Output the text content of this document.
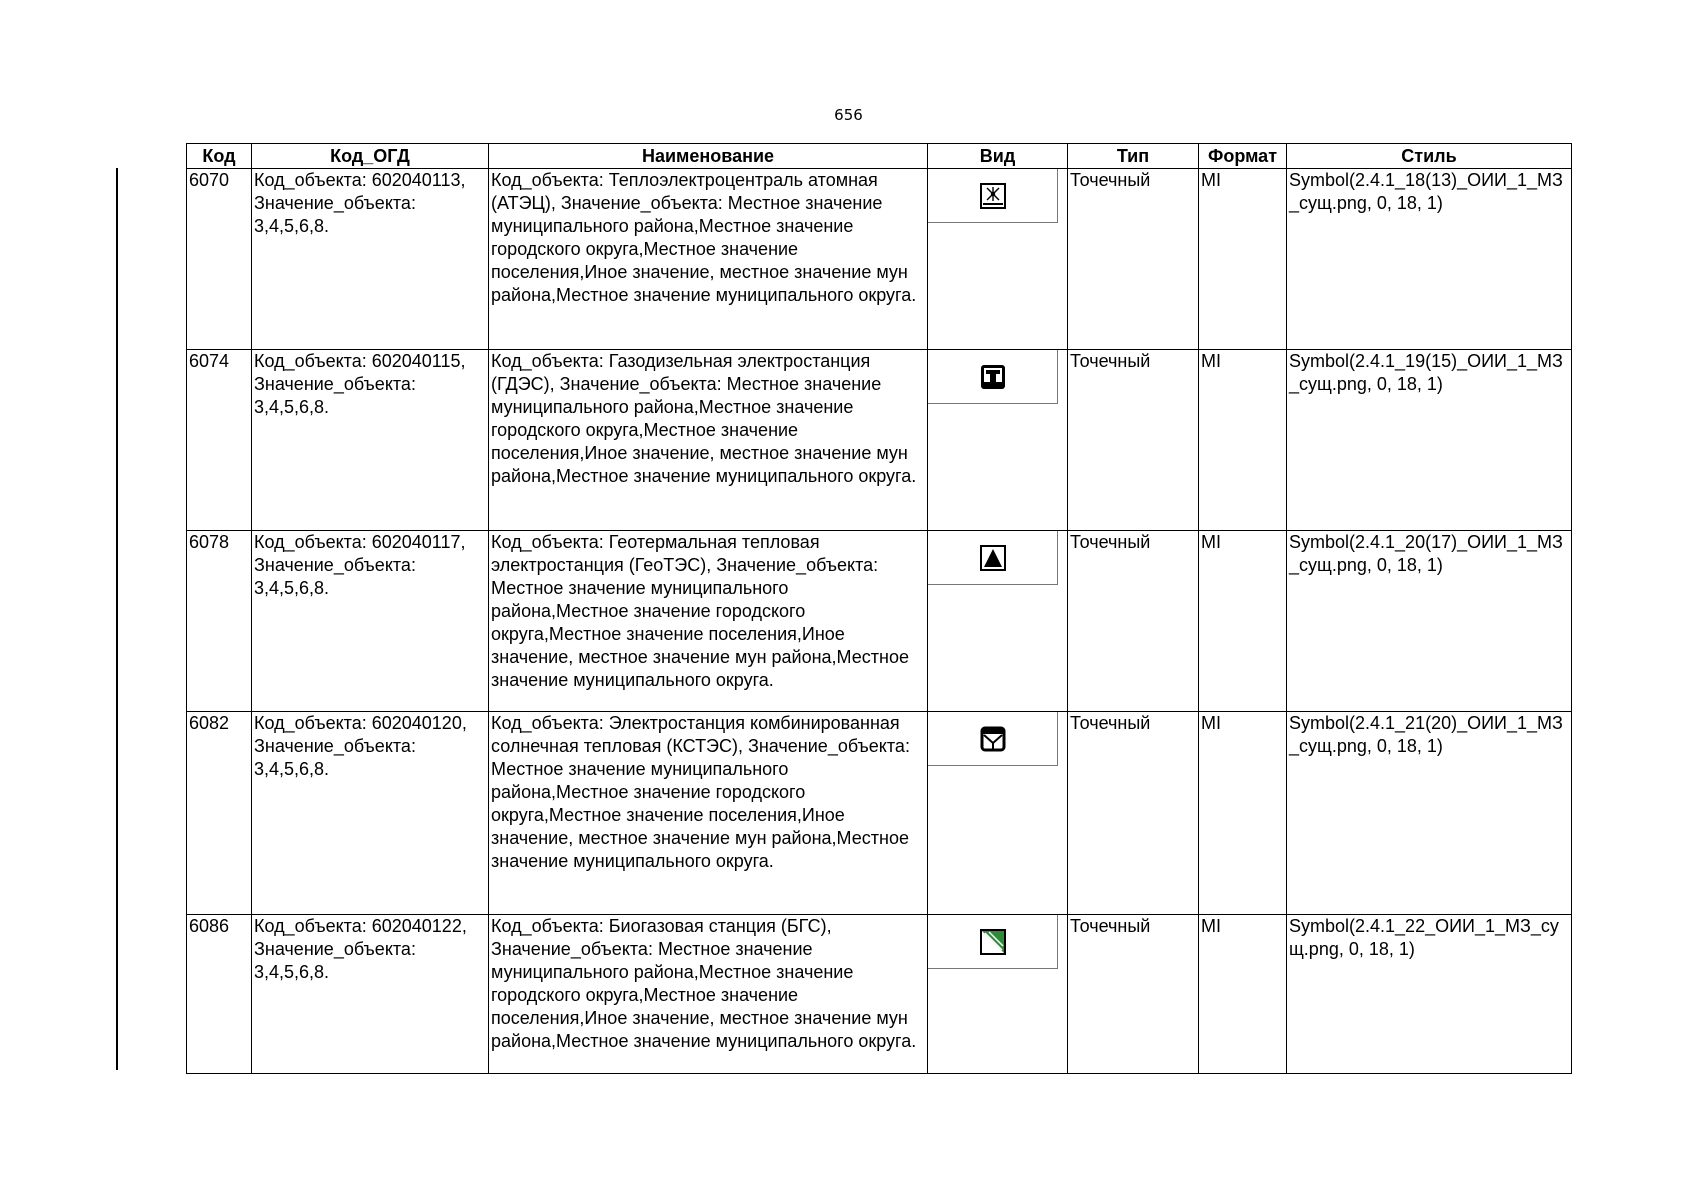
656
Код	Код_ОГД	Наименование	Вид	Тип	Формат	Стиль
6070	Код_объекта: 602040113, Значение_объекта: 3,4,5,6,8.	Код_объекта: Теплоэлектроцентраль атомная (АТЭЦ), Значение_объекта: Местное значение муниципального района,Местное значение городского округа,Местное значение поселения,Иное значение, местное значение мун района,Местное значение муниципального округа.		Точечный	MI	Symbol(2.4.1_18(13)_ОИИ_1_МЗ_сущ.png, 0, 18, 1)
6074	Код_объекта: 602040115, Значение_объекта: 3,4,5,6,8.	Код_объекта: Газодизельная электростанция (ГДЭС), Значение_объекта: Местное значение муниципального района,Местное значение городского округа,Местное значение поселения,Иное значение, местное значение мун района,Местное значение муниципального округа.		Точечный	MI	Symbol(2.4.1_19(15)_ОИИ_1_МЗ_сущ.png, 0, 18, 1)
6078	Код_объекта: 602040117, Значение_объекта: 3,4,5,6,8.	Код_объекта: Геотермальная тепловая электростанция (ГеоТЭС), Значение_объекта: Местное значение муниципального района,Местное значение городского округа,Местное значение поселения,Иное значение, местное значение мун района,Местное значение муниципального округа.		Точечный	MI	Symbol(2.4.1_20(17)_ОИИ_1_МЗ_сущ.png, 0, 18, 1)
6082	Код_объекта: 602040120, Значение_объекта: 3,4,5,6,8.	Код_объекта: Электростанция комбинированная солнечная тепловая (КСТЭС), Значение_объекта: Местное значение муниципального района,Местное значение городского округа,Местное значение поселения,Иное значение, местное значение мун района,Местное значение муниципального округа.		Точечный	MI	Symbol(2.4.1_21(20)_ОИИ_1_МЗ_сущ.png, 0, 18, 1)
6086	Код_объекта: 602040122, Значение_объекта: 3,4,5,6,8.	Код_объекта: Биогазовая станция (БГС), Значение_объекта: Местное значение муниципального района,Местное значение городского округа,Местное значение поселения,Иное значение, местное значение мун района,Местное значение муниципального округа.		Точечный	MI	Symbol(2.4.1_22_ОИИ_1_МЗ_сущ.png, 0, 18, 1)
